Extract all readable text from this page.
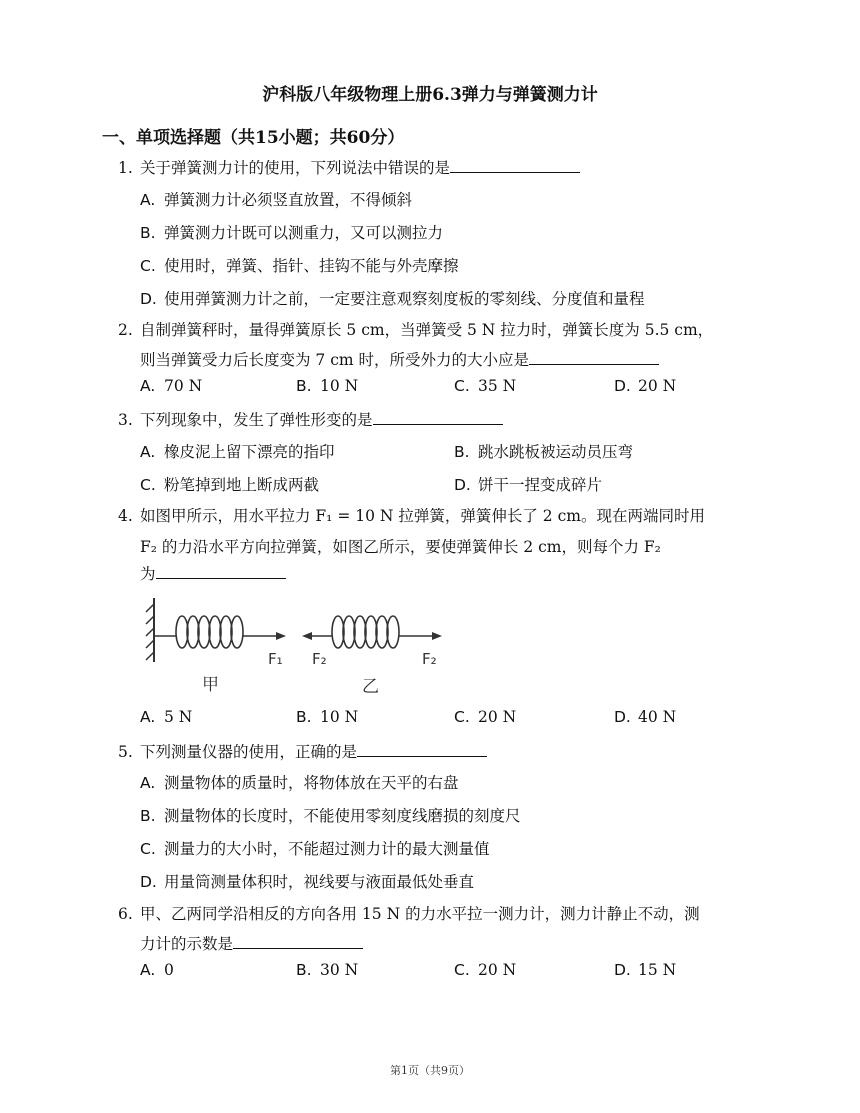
沪科版八年级物理上册6.3弹力与弹簧测力计
一、单项选择题（共15小题；共60分）
1. 关于弹簧测力计的使用，下列说法中错误的是
A. 弹簧测力计必须竖直放置，不得倾斜
B. 弹簧测力计既可以测重力，又可以测拉力
C. 使用时，弹簧、指针、挂钩不能与外壳摩擦
D. 使用弹簧测力计之前，一定要注意观察刻度板的零刻线、分度值和量程
2. 自制弹簧秤时，量得弹簧原长 5 cm，当弹簧受 5 N 拉力时，弹簧长度为 5.5 cm，
则当弹簧受力后长度变为 7 cm 时，所受外力的大小应是
A. 70 N	B. 10 N	C. 35 N	D. 20 N
3. 下列现象中，发生了弹性形变的是
A. 橡皮泥上留下漂亮的指印	B. 跳水跳板被运动员压弯
C. 粉笔掉到地上断成两截	D. 饼干一捏变成碎片
4. 如图甲所示，用水平拉力 F₁ = 10 N 拉弹簧，弹簧伸长了 2 cm。现在两端同时用
F₂ 的力沿水平方向拉弹簧，如图乙所示，要使弹簧伸长 2 cm，则每个力 F₂
为
F₁
甲
F₂	F₂
乙
A. 5 N	B. 10 N	C. 20 N	D. 40 N
5. 下列测量仪器的使用，正确的是
A. 测量物体的质量时，将物体放在天平的右盘
B. 测量物体的长度时，不能使用零刻度线磨损的刻度尺
C. 测量力的大小时，不能超过测力计的最大测量值
D. 用量筒测量体积时，视线要与液面最低处垂直
6. 甲、乙两同学沿相反的方向各用 15 N 的力水平拉一测力计，测力计静止不动，测
力计的示数是
A. 0	B. 30 N	C. 20 N	D. 15 N
第1页（共9页）
